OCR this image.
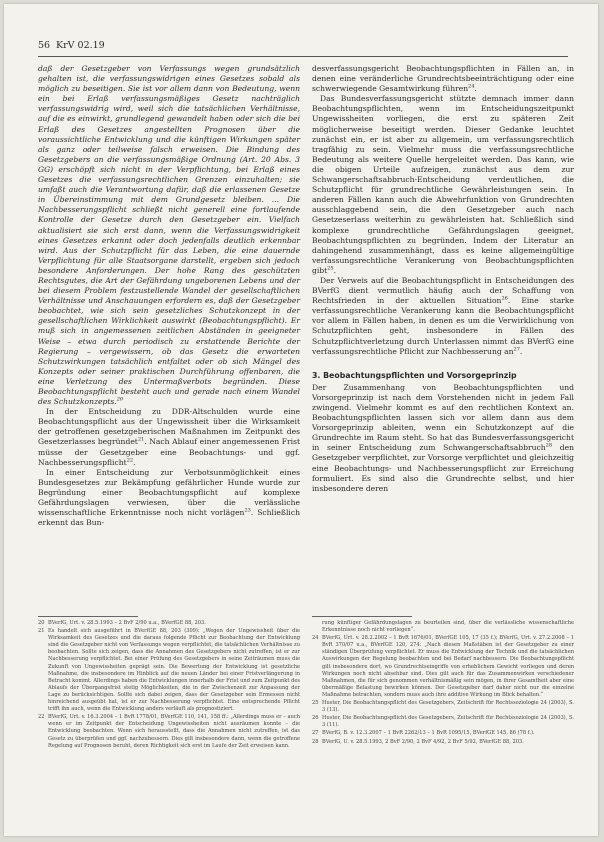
56 KrV 02.19

daß der Gesetzgeber von Verfassungs wegen grundsätzlich gehalten ist, die verfassungswidrigen eines Gesetzes sobald als möglich zu beseitigen. Sie ist vor allem dann von Bedeutung, wenn ein bei Erlaß verfassungsmäßiges Gesetz nachträglich verfassungswidrig wird, weil sich die tatsächlichen Verhältnisse, auf die es einwirkt, grundlegend gewandelt haben oder sich die bei Erlaß des Gesetzes angestellten Prognosen über die voraussichtliche Entwicklung und die künftigen Wirkungen später als ganz oder teilweise falsch erweisen. Die Bindung des Gesetzgebers an die verfassungsmäßige Ordnung (Art. 20 Abs. 3 GG) erschöpft sich nicht in der Verpflichtung, bei Erlaß eines Gesetzes die verfassungsrechtlichen Grenzen einzuhalten; sie umfaßt auch die Verantwortung dafür, daß die erlassenen Gesetze in Übereinstimmung mit dem Grundgesetz bleiben. ... Die Nachbesserungspflicht schließt nicht generell eine fortlaufende Kontrolle der Gesetze durch den Gesetzgeber ein. Vielfach aktualisiert sie sich erst dann, wenn die Verfassungswidrigkeit eines Gesetzes erkannt oder doch jedenfalls deutlich erkennbar wird. Aus der Schutzpflicht für das Leben, die eine dauernde Verpflichtung für alle Staatsorgane darstellt, ergeben sich jedoch besondere Anforderungen. Der hohe Rang des geschützten Rechtsgutes, die Art der Gefährdung ungeborenen Lebens und der bei diesem Problem festzustellende Wandel der gesellschaftlichen Verhältnisse und Anschauungen erfordern es, daß der Gesetzgeber beobachtet, wie sich sein gesetzliches Schutzkonzept in der gesellschaftlichen Wirklichkeit auswirkt (Beobachtungspflicht). Er muß sich in angemessenen zeitlichen Abständen in geeigneter Weise – etwa durch periodisch zu erstattende Berichte der Regierung – vergewissern, ob das Gesetz die erwarteten Schutzwirkungen tatsächlich entfaltet oder ob sich Mängel des Konzepts oder seiner praktischen Durchführung offenbaren, die eine Verletzung des Untermaßverbots begründen. Diese Beobachtungspflicht besteht auch und gerade nach einem Wandel des Schutzkonzepts.$^{20}$

In der Entscheidung zu DDR-Altschulden wurde eine Beobachtungspflicht aus der Ungewissheit über die Wirksamkeit der getroffenen gesetzgeberischen Maßnahmen im Zeitpunkt des Gesetzerlasses begründet$^{21}$. Nach Ablauf einer angemessenen Frist müsse der Gesetzgeber eine Beobachtungs- und ggf. Nachbesserungspflicht$^{22}$.

In einer Entscheidung zur Verbotsunmöglichkeit eines Bundesgesetzes zur Bekämpfung gefährlicher Hunde wurde zur Begründung einer Beobachtungspflicht auf komplexe Gefährdungslagen verwiesen, über die verlässliche wissenschaftliche Erkenntnisse noch nicht vorlägen$^{23}$. Schließlich erkennt das Bun-

desverfassungsgericht Beobachtungspflichten in Fällen an, in denen eine veränderliche Grundrechtsbeeinträchtigung oder eine schwerwiegende Gesamtwirkung führen$^{24}$.

Das Bundesverfassungsgericht stützte demnach immer dann Beobachtungspflichten, wenn im Entscheidungszeitpunkt Ungewissheiten vorliegen, die erst zu späteren Zeit möglicherweise beseitigt werden. Dieser Gedanke leuchtet zunächst ein, er ist aber zu allgemein, um verfassungsrechtlich tragfähig zu sein. Vielmehr muss die verfassungsrechtliche Bedeutung als weitere Quelle hergeleitet werden. Das kann, wie die obigen Urteile aufzeigen, zunächst aus dem zur Schwangerschaftsabbruch-Entscheidung verdeutlichen, die Schutzpflicht für grundrechtliche Gewährleistungen sein. In anderen Fällen kann auch die Abwehrfunktion von Grundrechten ausschlaggebend sein, die den Gesetzgeber auch nach Gesetzeserlass weiterhin zu gewährleisten hat. Schließlich sind komplexe grundrechtliche Gefährdungslagen geeignet, Beobachtungspflichten zu begründen. Indem der Literatur an dahingehend zusammenhängt, dass es keine allgemeingültige verfassungsrechtliche Verankerung von Beobachtungspflichten gibt$^{25}$.

Der Verweis auf die Beobachtungspflicht in Entscheidungen des BVerfG dient vermutlich häufig auch der Schaffung von Rechtsfrieden in der aktuellen Situation$^{26}$. Eine starke verfassungsrechtliche Verankerung kann die Beobachtungspflicht vor allem in Fällen haben, in denen es um die Verwirklichung von Schutzpflichten geht, insbesondere in Fällen des Schutzpflichtverletzung durch Unterlassen nimmt das BVerfG eine verfassungsrechtliche Pflicht zur Nachbesserung $an^{27}$.

3. Beobachtungspflichten und Vorsorgeprinzip

Der Zusammenhang von Beobachtungspflichten und Vorsorgeprinzip ist nach dem Vorstehenden nicht in jedem Fall zwingend. Vielmehr kommt es auf den rechtlichen Kontext an. Beobachtungspflichten lassen sich vor allem dann aus dem Vorsorgeprinzip ableiten, wenn ein Schutzkonzept auf die Grundrechte im Raum steht. So hat das Bundesverfassungsgericht in seiner Entscheidung zum Schwangerschaftsabbruch$^{28}$ den Gesetzgeber verpflichtet, zur Vorsorge verpflichtet und gleichzeitig eine Beobachtungs- und Nachbesserungspflicht zur Erreichung formuliert. Es sind also die Grundrechte selbst, und hier insbesondere deren

20 BVerfG, Urt. v. 28.5.1993 – 2 BvF 2/90 u.a., BVerfGE 88, 203.

21 Es handelt sich ausgeführt in BVerfGE 88, 203 (309): „Wegen der Ungewissheit über die Wirksamkeit des Gesetzes und die daraus folgende Pflicht zur Beobachtung der Entwicklung sind die Gesetzgeber nicht von Verfassungs wegen verpflichtet, die tatsächlichen Verhältnisse zu beobachten. Sollte sich zeigen, dass die Annahmen des Gesetzgebers nicht zutreffen, ist er zur Nachbesserung verpflichtet. Bei einer Prüfung des Gesetzgebers in seine Zeiträumen muss die Zukunft von Ungewissheiten geprägt sein. Die Bewertung der Entwicklung ist gesetzliche Maßnahme, die insbesondere im Hinblick auf die neuen Länder bei einer Fristverlängerung in Betracht kommt. Allerdings haben die Entwicklungen innerhalb der Frist und zum Zeitpunkt des Ablaufs der Übergangsfrist stetig Möglichkeiten, die in der Zwischenzeit zur Anpassung der Lage zu berücksichtigen. Sollte sich dabei zeigen, dass der Gesetzgeber sein Ermessen nicht hinreichend ausgeübt hat, ist er zur Nachbesserung verpflichtet. Eine entsprechende Pflicht trifft ihn auch, wenn die Entwicklung anders verläuft als prognostiziert.

22 BVerfG, Urt. v. 16.3.2004 – 1 BvR 1778/01, BVerfGE 110, 141, 158 ff.: „Allerdings muss er – auch wenn er im Zeitpunkt der Entscheidung Ungewissheiten nicht ausräumen konnte – die Entwicklung beobachten. Wenn sich herausstellt, dass die Annahmen nicht zutreffen, ist das Gesetz zu überprüfen und ggf. nachzubessern. Dies gilt insbesondere dann, wenn die getroffene Regelung auf Prognosen beruht, deren Richtigkeit sich erst im Laufe der Zeit erweisen kann.

rung künftiger Gefährdungslagen zu beurteilen sind, über die verlässliche wissenschaftliche Erkenntnisse noch nicht vorliegen“.

24 BVerfG, Urt. v. 28.2.2002 – 1 BvR 1676/01, BVerfGE 105, 17 (35 f.); BVerfG, Urt. v. 27.2.2008 – 1 BvR 370/07 u.a., BVerfGE 120, 274: „Nach diesen Maßstäben ist der Gesetzgeber zu einer ständigen Überprüfung verpflichtet. Er muss die Entwicklung der Technik und die tatsächlichen Auswirkungen der Regelung beobachten und bei Bedarf nachbessern. Die Beobachtungspflicht gilt insbesondere dort, wo Grundrechtseingriffe von erheblichem Gewicht vorliegen und deren Wirkungen noch nicht absehbar sind. Dies gilt auch für das Zusammenwirken verschiedener Maßnahmen, die für sich genommen verhältnismäßig sein mögen, in ihrer Gesamtheit aber eine übermäßige Belastung bewirken können. Der Gesetzgeber darf daher nicht nur die einzelne Maßnahme betrachten, sondern muss auch ihre additive Wirkung im Blick behalten.“

25 Huster, Die Beobachtungspflicht des Gesetzgebers, Zeitschrift für Rechtssoziologie 24 (2003), S. 3 (13).

26 Huster, Die Beobachtungspflicht des Gesetzgebers, Zeitschrift für Rechtssoziologie 24 (2003), S. 3 (11).

27 BVerfG, B. v. 12.3.2007 – 1 BvR 2262/13 – 1 BvR 1095/15, BVerfGE 145, 86 (78 f.).

28 BVerfG, U. v. 28.5.1993, 2 BvF 2/90, 2 BvF 4/92, 2 BvF 5/92, BVerfGE 88, 203.
